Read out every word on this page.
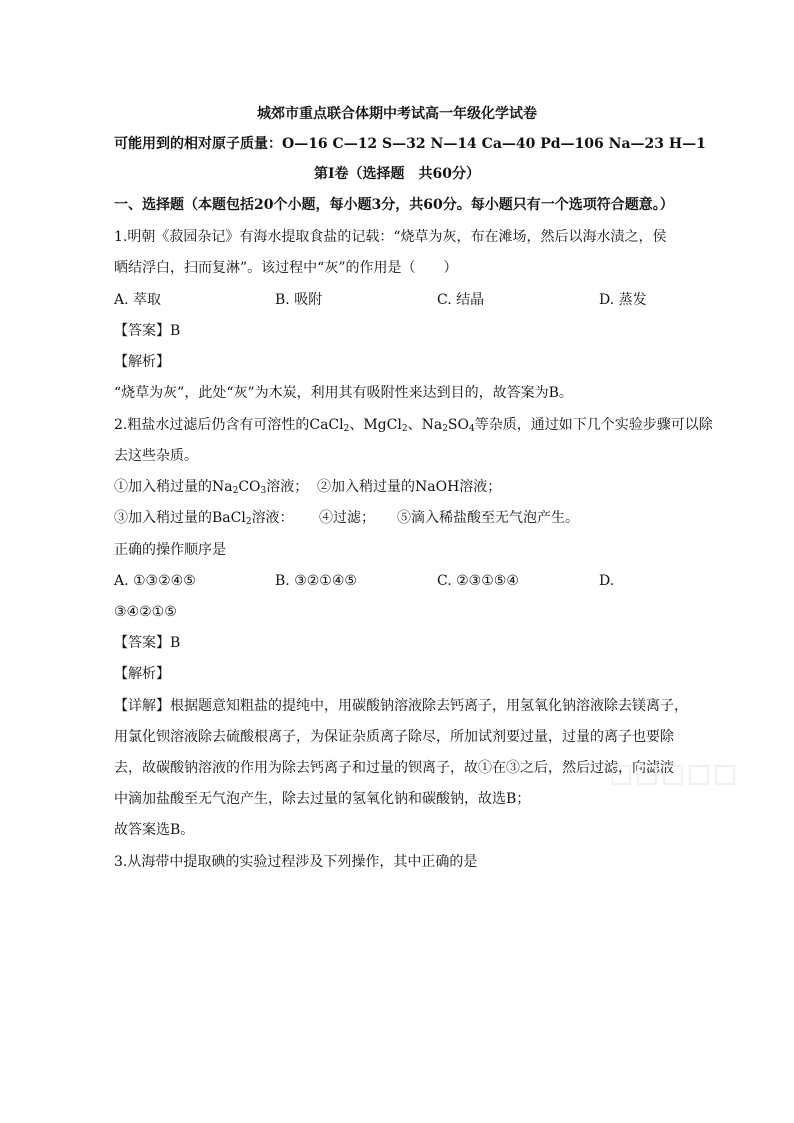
城郊市重点联合体期中考试高一年级化学试卷
可能用到的相对原子质量：O—16 C—12 S—32 N—14 Ca—40 Pd—106 Na—23 H—1
第Ⅰ卷（选择题　共60分）
一、选择题（本题包括20个小题，每小题3分，共60分。每小题只有一个选项符合题意。）
1.明朝《菽园杂记》有海水提取食盐的记载：“烧草为灰，布在滩场，然后以海水渍之，侯
晒结浮白，扫而复淋”。该过程中“灰”的作用是（　　）
A. 萃取	B. 吸附	C. 结晶	D. 蒸发
【答案】B
【解析】
“烧草为灰”，此处“灰”为木炭，利用其有吸附性来达到目的，故答案为B。
2.粗盐水过滤后仍含有可溶性的CaCl$_2$、MgCl$_2$、$Na_2SO_4$等杂质，通过如下几个实验步骤可以除
去这些杂质。
①加入稍过量的$Na_2CO_3$溶液； ②加入稍过量的NaOH溶液；
③加入稍过量的BaCl$_2$溶液： ④过滤； ⑤滴入稀盐酸至无气泡产生。
正确的操作顺序是
A. ①③②④⑤	B. ③②①④⑤	C. ②③①⑤④	D.
③④②①⑤
【答案】B
【解析】
【详解】根据题意知粗盐的提纯中，用碳酸钠溶液除去钙离子，用氢氧化钠溶液除去镁离子，
用氯化钡溶液除去硫酸根离子，为保证杂质离子除尽，所加试剂要过量，过量的离子也要除
去，故碳酸钠溶液的作用为除去钙离子和过量的钡离子，故①在③之后，然后过滤，向滤液
中滴加盐酸至无气泡产生，除去过量的氢氧化钠和碳酸钠，故选B；
故答案选B。
3.从海带中提取碘的实验过程涉及下列操作，其中正确的是
